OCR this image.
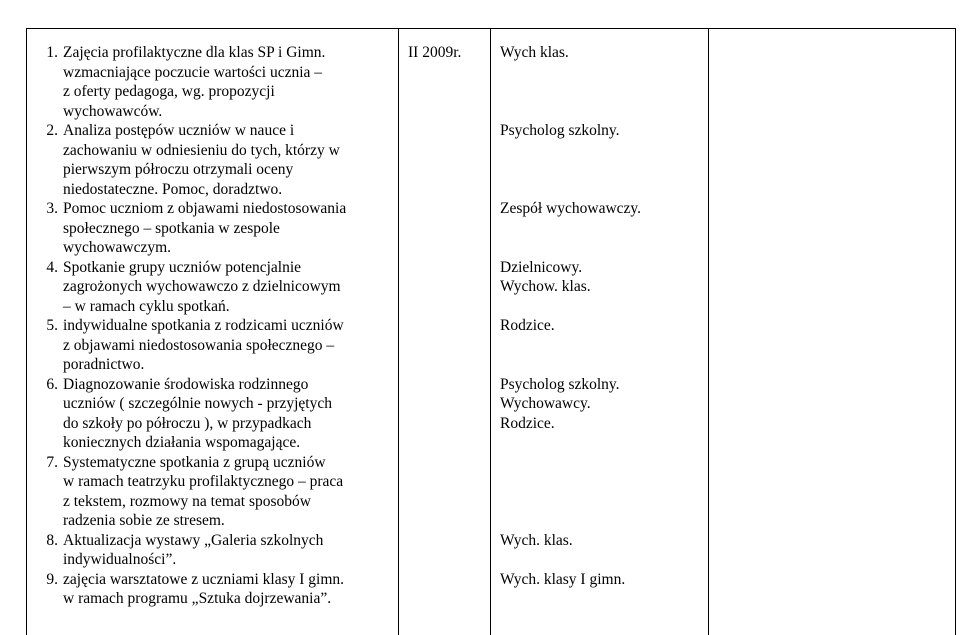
1. Zajęcia profilaktyczne dla klas SP i Gimn.
wzmacniające poczucie wartości ucznia –
z oferty pedagoga, wg. propozycji
wychowawców.
2. Analiza postępów uczniów w nauce i
zachowaniu w odniesieniu do tych, którzy w
pierwszym półroczu otrzymali oceny
niedostateczne. Pomoc, doradztwo.
3. Pomoc uczniom z objawami niedostosowania
społecznego – spotkania w zespole
wychowawczym.
4. Spotkanie grupy uczniów potencjalnie
zagrożonych wychowawczo z dzielnicowym
– w ramach cyklu spotkań.
5. indywidualne spotkania z rodzicami uczniów
z objawami niedostosowania społecznego –
poradnictwo.
6. Diagnozowanie środowiska rodzinnego
uczniów ( szczególnie nowych - przyjętych
do szkoły po półroczu ), w przypadkach
koniecznych działania wspomagające.
7. Systematyczne spotkania z grupą uczniów
w ramach teatrzyku profilaktycznego – praca
z tekstem, rozmowy na temat sposobów
radzenia sobie ze stresem.
8. Aktualizacja wystawy „Galeria szkolnych
indywidualności”.
9. zajęcia warsztatowe z uczniami klasy I gimn.
w ramach programu „Sztuka dojrzewania”.
II 2009r.	Wych klas.
Psycholog szkolny.
Zespół wychowawczy.
Dzielnicowy.
Wychow. klas.
Rodzice.
Psycholog szkolny.
Wychowawcy.
Rodzice.
Wych. klas.
Wych. klasy I gimn.
